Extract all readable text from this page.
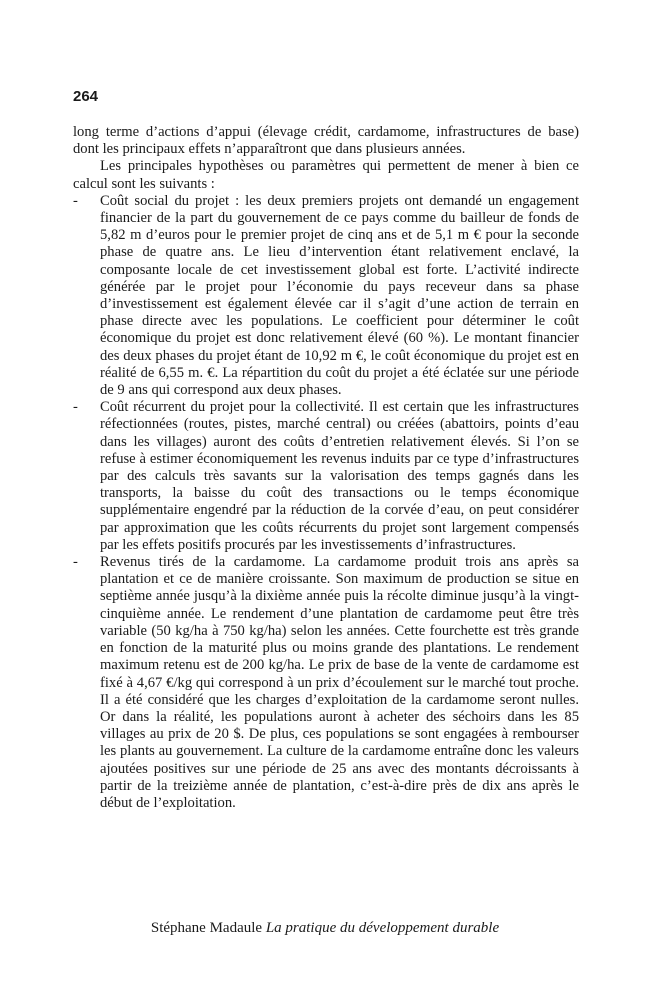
264

long terme d’actions d’appui (élevage crédit, cardamome, infrastructures de base) dont les principaux effets n’apparaîtront que dans plusieurs années.

Les principales hypothèses ou paramètres qui permettent de mener à bien ce calcul sont les suivants :

- Coût social du projet : les deux premiers projets ont demandé un engagement financier de la part du gouvernement de ce pays comme du bailleur de fonds de 5,82 m d’euros pour le premier projet de cinq ans et de 5,1 m € pour la seconde phase de quatre ans. Le lieu d’intervention étant relativement enclavé, la composante locale de cet investissement global est forte. L’activité indirecte générée par le projet pour l’économie du pays receveur dans sa phase d’investissement est également élevée car il s’agit d’une action de terrain en phase directe avec les populations. Le coefficient pour déterminer le coût économique du projet est donc relativement élevé (60 %). Le montant financier des deux phases du projet étant de 10,92 m €, le coût économique du projet est en réalité de 6,55 m. €. La répartition du coût du projet a été éclatée sur une période de 9 ans qui correspond aux deux phases.

- Coût récurrent du projet pour la collectivité. Il est certain que les infrastructures réfectionnées (routes, pistes, marché central) ou créées (abattoirs, points d’eau dans les villages) auront des coûts d’entretien relativement élevés. Si l’on se refuse à estimer économiquement les revenus induits par ce type d’infrastructures par des calculs très savants sur la valorisation des temps gagnés dans les transports, la baisse du coût des transactions ou le temps économique supplémentaire engendré par la réduction de la corvée d’eau, on peut considérer par approximation que les coûts récurrents du projet sont largement compensés par les effets positifs procurés par les investissements d’infrastructures.

- Revenus tirés de la cardamome. La cardamome produit trois ans après sa plantation et ce de manière croissante. Son maximum de production se situe en septième année jusqu’à la dixième année puis la récolte diminue jusqu’à la vingt-cinquième année. Le rendement d’une plantation de cardamome peut être très variable (50 kg/ha à 750 kg/ha) selon les années. Cette fourchette est très grande en fonction de la maturité plus ou moins grande des plantations. Le rendement maximum retenu est de 200 kg/ha. Le prix de base de la vente de cardamome est fixé à 4,67 €/kg qui correspond à un prix d’écoulement sur le marché tout proche. Il a été considéré que les charges d’exploitation de la cardamome seront nulles. Or dans la réalité, les populations auront à acheter des séchoirs dans les 85 villages au prix de 20 $. De plus, ces populations se sont engagées à rembourser les plants au gouvernement. La culture de la cardamome entraîne donc les valeurs ajoutées positives sur une période de 25 ans avec des montants décroissants à partir de la treizième année de plantation, c’est-à-dire près de dix ans après le début de l’exploitation.

Stéphane Madaule La pratique du développement durable
